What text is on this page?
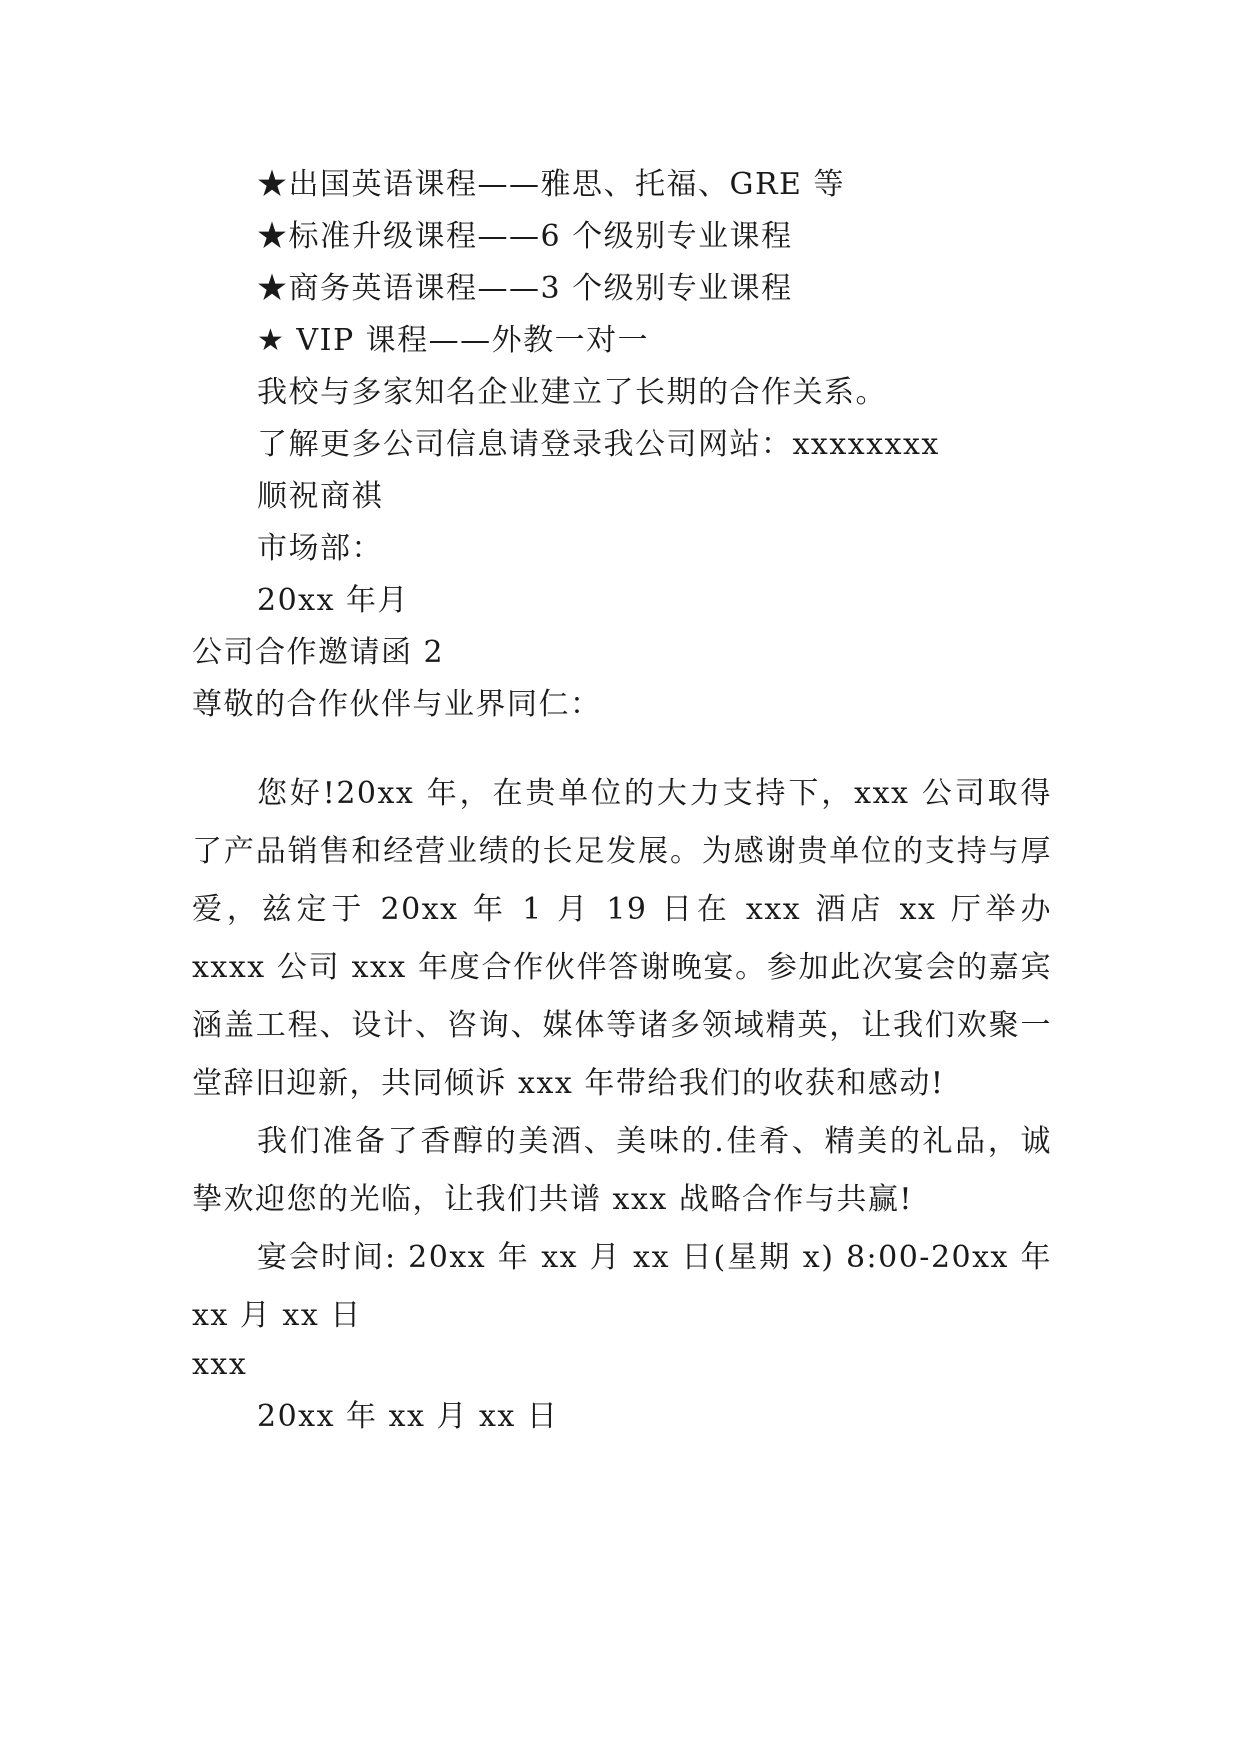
★出国英语课程——雅思、托福、GRE 等
★标准升级课程——6 个级别专业课程
★商务英语课程——3 个级别专业课程
★ VIP 课程——外教一对一
我校与多家知名企业建立了长期的合作关系。
了解更多公司信息请登录我公司网站：xxxxxxxx
顺祝商祺
市场部：
20xx 年月
公司合作邀请函 2
尊敬的合作伙伴与业界同仁：
您好!20xx 年，在贵单位的大力支持下，xxx 公司取得了产品销售和经营业绩的长足发展。为感谢贵单位的支持与厚爱，兹定于 20xx 年 1 月 19 日在 xxx 酒店 xx 厅举办 xxxx 公司 xxx 年度合作伙伴答谢晚宴。参加此次宴会的嘉宾涵盖工程、设计、咨询、媒体等诸多领域精英，让我们欢聚一堂辞旧迎新，共同倾诉 xxx 年带给我们的收获和感动!
我们准备了香醇的美酒、美味的.佳肴、精美的礼品，诚挚欢迎您的光临，让我们共谱 xxx 战略合作与共赢!
宴会时间: 20xx 年 xx 月 xx 日(星期 x) 8:00-20xx 年 xx 月 xx 日
xxx
20xx 年 xx 月 xx 日
